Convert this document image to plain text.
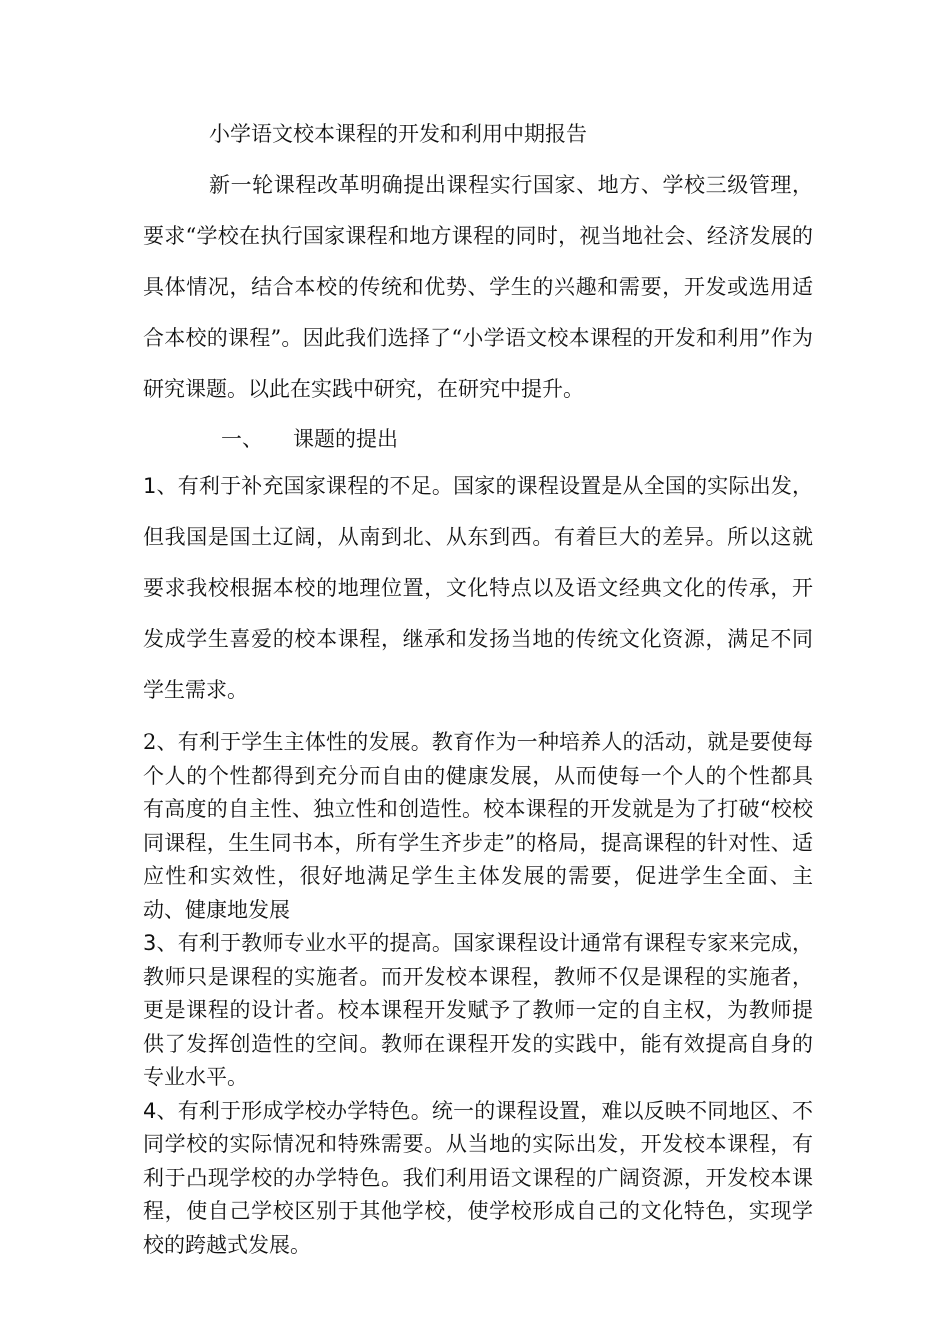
小学语文校本课程的开发和利用中期报告

新一轮课程改革明确提出课程实行国家、地方、学校三级管理，要求“学校在执行国家课程和地方课程的同时，视当地社会、经济发展的具体情况，结合本校的传统和优势、学生的兴趣和需要，开发或选用适合本校的课程”。因此我们选择了“小学语文校本课程的开发和利用”作为研究课题。以此在实践中研究，在研究中提升。

一、 课题的提出

1、有利于补充国家课程的不足。国家的课程设置是从全国的实际出发，但我国是国土辽阔，从南到北、从东到西。有着巨大的差异。所以这就要求我校根据本校的地理位置，文化特点以及语文经典文化的传承，开发成学生喜爱的校本课程，继承和发扬当地的传统文化资源，满足不同学生需求。

2、有利于学生主体性的发展。教育作为一种培养人的活动，就是要使每个人的个性都得到充分而自由的健康发展，从而使每一个人的个性都具有高度的自主性、独立性和创造性。校本课程的开发就是为了打破“校校同课程，生生同书本，所有学生齐步走”的格局，提高课程的针对性、适应性和实效性，很好地满足学生主体发展的需要，促进学生全面、主动、健康地发展

3、有利于教师专业水平的提高。国家课程设计通常有课程专家来完成，教师只是课程的实施者。而开发校本课程，教师不仅是课程的实施者，更是课程的设计者。校本课程开发赋予了教师一定的自主权，为教师提供了发挥创造性的空间。教师在课程开发的实践中，能有效提高自身的专业水平。

4、有利于形成学校办学特色。统一的课程设置，难以反映不同地区、不同学校的实际情况和特殊需要。从当地的实际出发，开发校本课程，有利于凸现学校的办学特色。我们利用语文课程的广阔资源，开发校本课程，使自己学校区别于其他学校，使学校形成自己的文化特色，实现学校的跨越式发展。
